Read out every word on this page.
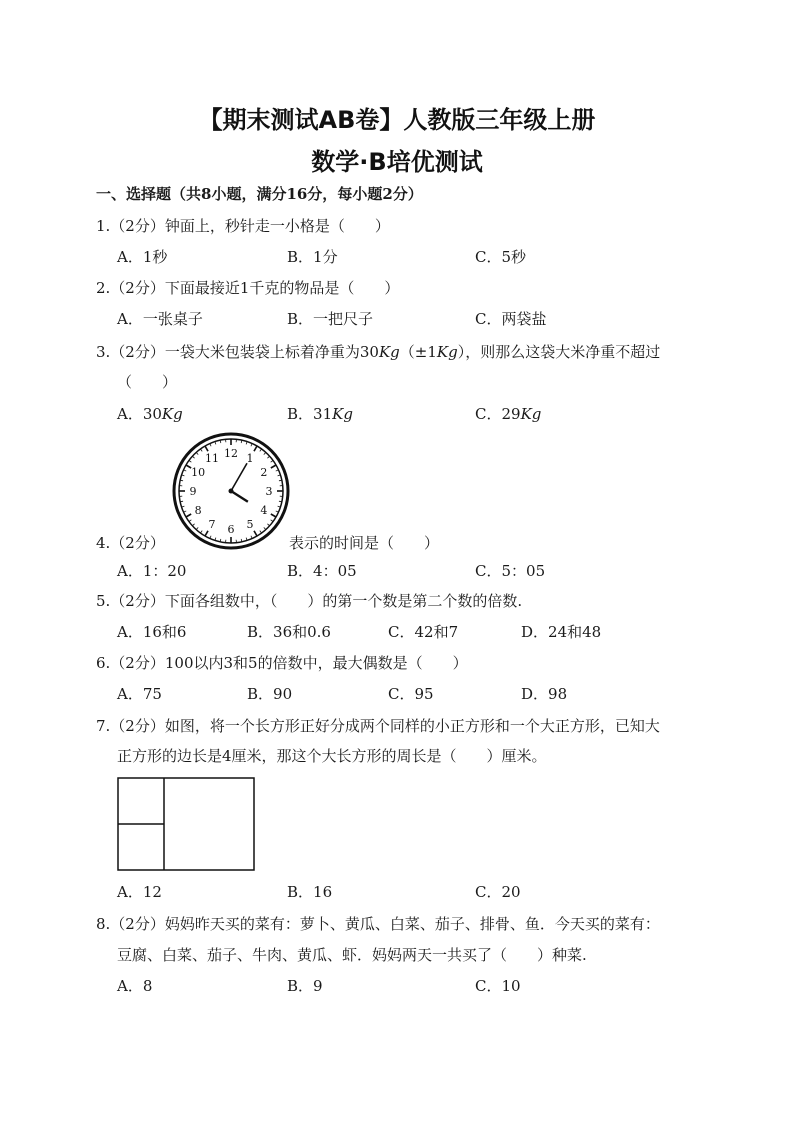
【期末测试AB卷】人教版三年级上册
数学·B培优测试
一、选择题（共8小题，满分16分，每小题2分）
1.（2分）钟面上，秒针走一小格是（　　）
A．1秒	B．1分	C．5秒
2.（2分）下面最接近1千克的物品是（　　）
A．一张桌子	B．一把尺子	C．两袋盐
3.（2分）一袋大米包装袋上标着净重为30Kg（±1Kg），则那么这袋大米净重不超过
（　　）
A．30Kg	B．31Kg	C．29Kg
12 1
2
3
4
5
6
7
8
9
10
11
4.（2分）	表示的时间是（　　）
A．1：20	B．4：05	C．5：05
5.（2分）下面各组数中，（　　）的第一个数是第二个数的倍数.
A．16和6	B．36和0.6	C．42和7	D．24和48
6.（2分）100以内3和5的倍数中，最大偶数是（　　）
A．75	B．90	C．95	D．98
7.（2分）如图，将一个长方形正好分成两个同样的小正方形和一个大正方形，已知大
正方形的边长是4厘米，那这个大长方形的周长是（　　）厘米。
A．12	B．16	C．20
8.（2分）妈妈昨天买的菜有：萝卜、黄瓜、白菜、茄子、排骨、鱼．今天买的菜有：
豆腐、白菜、茄子、牛肉、黄瓜、虾．妈妈两天一共买了（　　）种菜.
A．8	B．9	C．10
